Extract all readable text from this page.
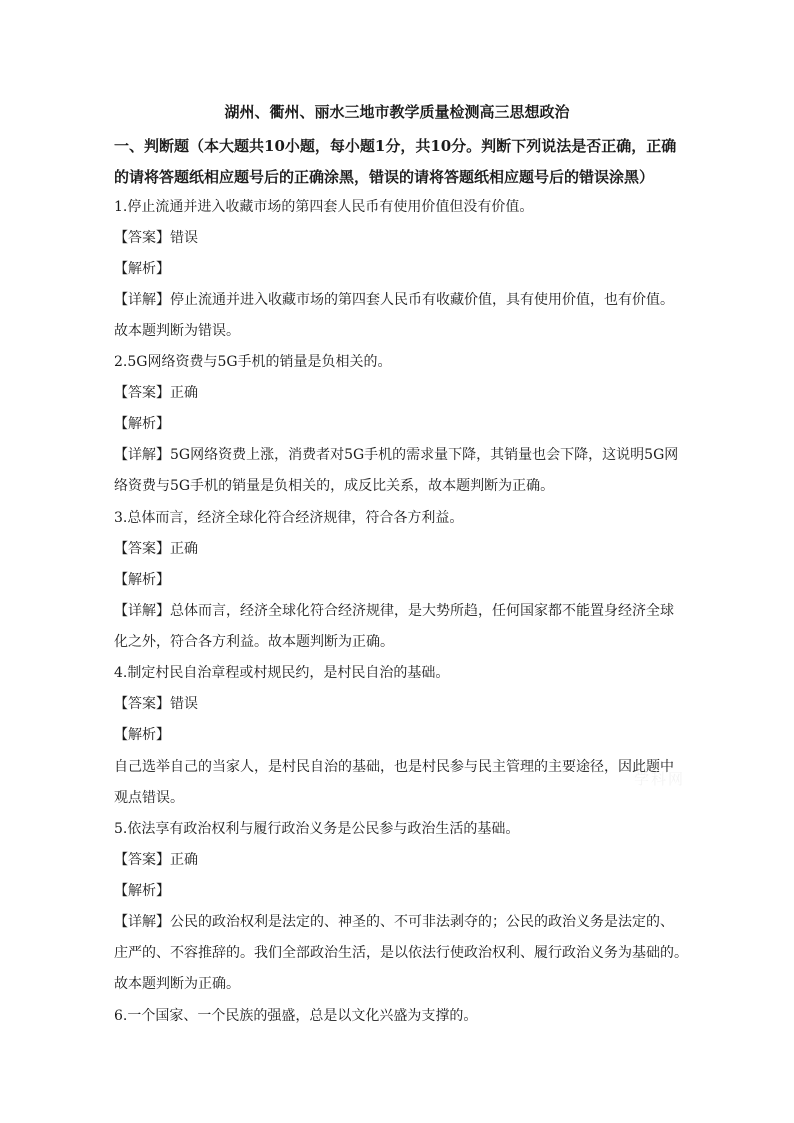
湖州、衢州、丽水三地市教学质量检测高三思想政治
一、判断题（本大题共10小题，每小题1分，共10分。判断下列说法是否正确，正确的请将答题纸相应题号后的正确涂黑，错误的请将答题纸相应题号后的错误涂黑）
1.停止流通并进入收藏市场的第四套人民币有使用价值但没有价值。
【答案】错误
【解析】
【详解】停止流通并进入收藏市场的第四套人民币有收藏价值，具有使用价值，也有价值。
故本题判断为错误。
2.5G网络资费与5G手机的销量是负相关的。
【答案】正确
【解析】
【详解】5G网络资费上涨，消费者对5G手机的需求量下降，其销量也会下降，这说明5G网
络资费与5G手机的销量是负相关的，成反比关系，故本题判断为正确。
3.总体而言，经济全球化符合经济规律，符合各方利益。
【答案】正确
【解析】
【详解】总体而言，经济全球化符合经济规律，是大势所趋，任何国家都不能置身经济全球
化之外，符合各方利益。故本题判断为正确。
4.制定村民自治章程或村规民约，是村民自治的基础。
【答案】错误
【解析】
自己选举自己的当家人，是村民自治的基础，也是村民参与民主管理的主要途径，因此题中
观点错误。
5.依法享有政治权利与履行政治义务是公民参与政治生活的基础。
【答案】正确
【解析】
【详解】公民的政治权利是法定的、神圣的、不可非法剥夺的；公民的政治义务是法定的、
庄严的、不容推辞的。我们全部政治生活，是以依法行使政治权利、履行政治义务为基础的。
故本题判断为正确。
6.一个国家、一个民族的强盛，总是以文化兴盛为支撑的。
学科网
